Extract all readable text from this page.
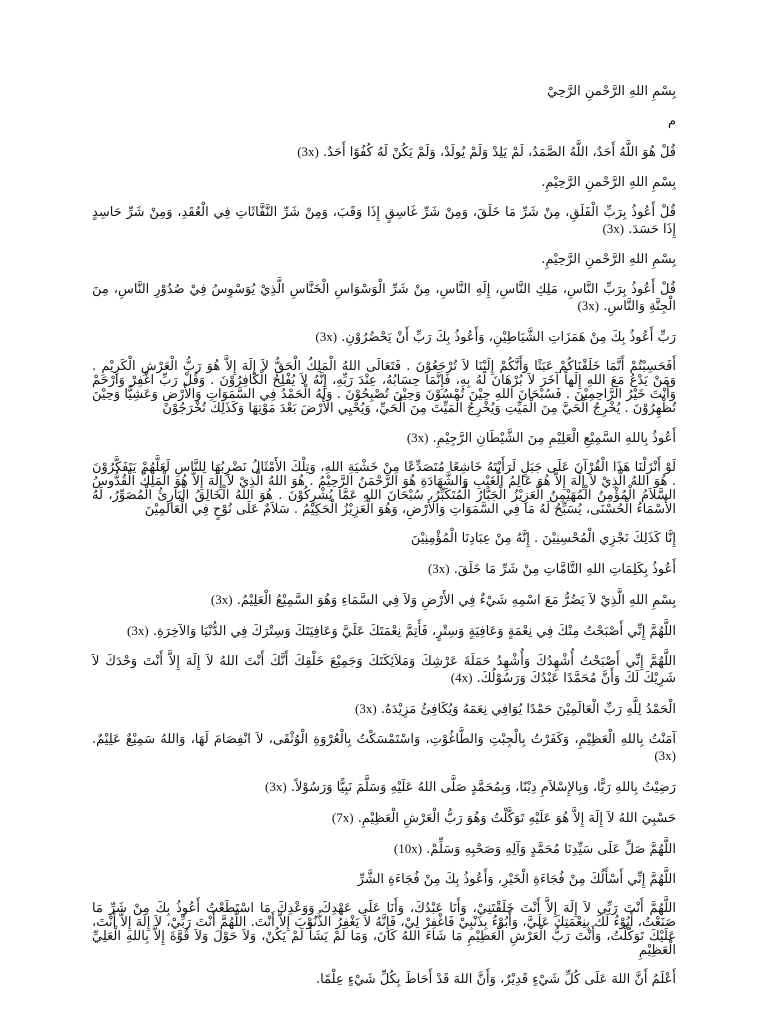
بِسْمِ اللهِ الرَّحْمنِ الرَّحِيْ
م
قُلْ هُوَ اللَّهُ أَحَدٌ، اللَّهُ الصَّمَدُ، لَمْ يَلِدْ وَلَمْ يُولَدْ، وَلَمْ يَكُنْ لَهُ كُفُوًا أَحَدٌ. (3x)
بِسْمِ اللهِ الرَّحْمنِ الرَّحِيْمِ.
قُلْ أَعُوذُ بِرَبِّ الْفَلَقِ، مِنْ شَرِّ مَا خَلَقَ، وَمِنْ شَرِّ غَاسِقٍ إِذَا وَقَبَ، وَمِنْ شَرِّ النَّفَّاثَاتِ فِي الْعُقَدِ، وَمِنْ شَرِّ حَاسِدٍ إِذَا حَسَدَ. (3x)
بِسْمِ اللهِ الرَّحْمنِ الرَّحِيْمِ.
قُلْ أَعُوذُ بِرَبِّ النَّاسِ، مَلِكِ النَّاسِ، إِلَهِ النَّاسِ، مِنْ شَرِّ الْوَسْوَاسِ الْخَنَّاسِ الَّذِيْ يُوَسْوِسُ فِيْ صُدُوْرِ النَّاسِ، مِنَ الْجِنَّةِ وَالنَّاسِ. (3x)
رَبِّ أَعُوذُ بِكَ مِنْ هَمَزَاتِ الشَّيَاطِيْنِ، وَأَعُوذُ بِكَ رَبِّ أَنْ يَحْضُرُوْنِ. (3x)
أَفَحَسِبْتُمْ أَنَّمَا خَلَقْنَاكُمْ عَبَثًا وَأَنَّكُمْ إِلَيْنَا لاَ تُرْجَعُوْنَ . فَتَعَالَى اللهُ الْمَلِكُ الْحَقُّ لاَ إِلَهَ إِلاَّ هُوَ رَبُّ الْعَرْشِ الْكَرِيْمِ . وَمَنْ يَدْعُ مَعَ اللهِ إِلَهاً آخَرَ لاَ بُرْهَانَ لَهُ بِهِ، فَإِنَّمَا حِسَابُهُ، عِنْدَ رَبِّهِ، إِنَّهُ لاَ يُفْلِحُ الْكَافِرُوْنَ . وَقُلْ رَبِّ اغْفِرْ وَارْحَمْ وَأَنْتَ خَيْرُ الرَّاحِمِيْنَ . فَسُبْحَانَ اللهِ حِيْنَ تُمْسُوْنَ وَحِيْنَ تُصْبِحُوْنَ . وَلَهُ الْحَمْدُ فِي السَّمَوَاتِ وَالأَرْضِ وَعَشِيًّا وَحِيْنَ تُظْهِرُوْنَ . يُخْرِجُ الْحَيَّ مِنَ الْمَيِّتِ وَيُخْرِجُ الْمَيِّتَ مِنَ الْحَيِّ، وَيُحْيِي الأَرْضَ بَعْدَ مَوْتِهَا وَكَذَلِكَ تُخْرَجُوْنَ
أَعُوذُ بِاللهِ السَّمِيْعِ الْعَلِيْمِ مِنَ الشَّيْطَانِ الرَّجِيْمِ. (3x)
لَوْ أَنْزَلْنَا هَذَا الْقُرْآنَ عَلَى جَبَلٍ لَرَأَيْتَهُ خَاشِعًا مُتَصَدِّعًا مِنْ خَشْيَةِ اللهِ، وَتِلْكَ الأَمْثَالُ نَضْرِبُهَا لِلنَّاسِ لَعَلَّهُمْ يَتَفَكَّرُوْنَ . هُوَ اللهُ الَّذِيْ لاَ إِلَهَ إِلاَّ هُوَ عَالِمُ الْغَيْبِ وَالشَّهَادَةِ هُوَ الرَّحْمَنُ الرَّحِيْمُ . هُوَ اللهُ الَّذِيْ لاَ إِلَهَ إِلاَّ هُوَ الْمَلِكُ الْقُدُّوسُ السَّلاَمُ الْمُؤْمِنُ الْمُهَيْمِنُ الْعَزِيْزُ الْجَبَّارُ الْمُتَكَبِّرُ، سُبْحَانَ اللهِ عَمَّا يُشْرِكُوْنَ . هُوَ اللهُ الْخَالِقُ الْبَارِئُ الْمُصَوِّرُ، لَهُ الأَسْمَاءُ الْحُسْنَى، يُسَبِّحُ لَهُ مَا فِي السَّمَوَاتِ وَالأَرْضِ، وَهُوَ الْعَزِيْزُ الْحَكِيْمُ . سَلاَمٌ عَلَى نُوْحٍ فِي الْعَالَمِيْنَ
إِنَّا كَذَلِكَ نَجْزِي الْمُحْسِنِيْنَ . إِنَّهُ مِنْ عِبَادِنَا الْمُؤْمِنِيْنَ
أَعُوذُ بِكَلِمَاتِ اللهِ التَّامَّاتِ مِنْ شَرِّ مَا خَلَقَ. (3x)
بِسْمِ اللهِ الَّذِيْ لاَ يَضُرُّ مَعَ اسْمِهِ شَيْءٌ فِي الأَرْضِ وَلاَ فِي السَّمَاءِ وَهُوَ السَّمِيْعُ الْعَلِيْمُ. (3x)
اللَّهُمَّ إِنِّي أَصْبَحْتُ مِنْكَ فِي نِعْمَةٍ وَعَافِيَةٍ وَسِتْرٍ، فَأَتِمَّ نِعْمَتَكَ عَلَيَّ وَعَافِيَتَكَ وَسِتْرَكَ فِي الدُّنْيَا وَالآخِرَةِ. (3x)
اللَّهُمَّ إِنِّي أَصْبَحْتُ أُشْهِدُكَ وَأُشْهِدُ حَمَلَةَ عَرْشِكَ وَمَلاَئِكَتَكَ وَجَمِيْعَ خَلْقِكَ أَنَّكَ أَنْتَ اللهُ لاَ إِلَهَ إِلاَّ أَنْتَ وَحْدَكَ لاَ شَرِيْكَ لَكَ وَأَنَّ مُحَمَّدًا عَبْدُكَ وَرَسُوْلُكَ. (4x)
الْحَمْدُ لِلَّهِ رَبِّ الْعَالَمِيْنَ حَمْدًا يُوَافِي نِعَمَهُ وَيُكَافِئُ مَزِيْدَهُ. (3x)
آمَنْتُ بِاللهِ الْعَظِيْمِ، وَكَفَرْتُ بِالْجِبْتِ وَالطَّاغُوْتِ، وَاسْتَمْسَكْتُ بِالْعُرْوَةِ الْوُثْقَى، لاَ انْفِصَامَ لَهَا، وَاللهُ سَمِيْعٌ عَلِيْمٌ. (3x)
رَضِيْتُ بِاللهِ رَبًّا، وَبِالإِسْلاَمِ دِيْنًا، وَبِمُحَمَّدٍ صَلَّى اللهُ عَلَيْهِ وَسَلَّمَ نَبِيًّا وَرَسُوْلاً. (3x)
حَسْبِيَ اللهُ لاَ إِلَهَ إِلاَّ هُوَ عَلَيْهِ تَوَكَّلْتُ وَهُوَ رَبُّ الْعَرْشِ الْعَظِيْمِ. (7x)
اللَّهُمَّ صَلِّ عَلَى سَيِّدِنَا مُحَمَّدٍ وَآلِهِ وَصَحْبِهِ وَسَلِّمْ. (10x)
اللَّهُمَّ إِنِّي أَسْأَلُكَ مِنْ فُجَاءَةِ الْخَيْرِ، وَأَعُوذُ بِكَ مِنْ فُجَاءَةِ الشَّرِّ
اللَّهُمَّ أَنْتَ رَبِّي لاَ إِلَهَ إِلاَّ أَنْتَ خَلَقْتَنِيْ، وَأَنَا عَبْدُكَ، وَأَنَا عَلَى عَهْدِكَ وَوَعْدِكَ مَا اسْتَطَعْتُ أَعُوذُ بِكَ مِنْ شَرِّ مَا صَنَعْتُ، أَبُوْءُ لَكَ بِنِعْمَتِكَ عَلَيَّ، وَأَبُوْءُ بِذَنْبِيْ فَاغْفِرْ لِيْ، فَإِنَّهُ لاَ يَغْفِرُ الذُّنُوْبَ إِلاَّ أَنْتَ. اللَّهُمَّ أَنْتَ رَبِّيْ، لاَ إِلَهَ إِلاَّ أَنْتَ، عَلَيْكَ تَوَكَّلْتُ، وَأَنْتَ رَبُّ الْعَرْشِ الْعَظِيْمِ مَا شَاءَ اللهُ كَانَ، وَمَا لَمْ يَشَأْ لَمْ يَكُنْ، وَلاَ حَوْلَ وَلاَ قُوَّةَ إِلاَّ بِاللهِ الْعَلِيِّ الْعَظِيْمِ
أَعْلَمُ أَنَّ اللهَ عَلَى كُلِّ شَيْءٍ قَدِيْرٌ، وَأَنَّ اللهَ قَدْ أَحَاطَ بِكُلِّ شَيْءٍ عِلْمًا.
